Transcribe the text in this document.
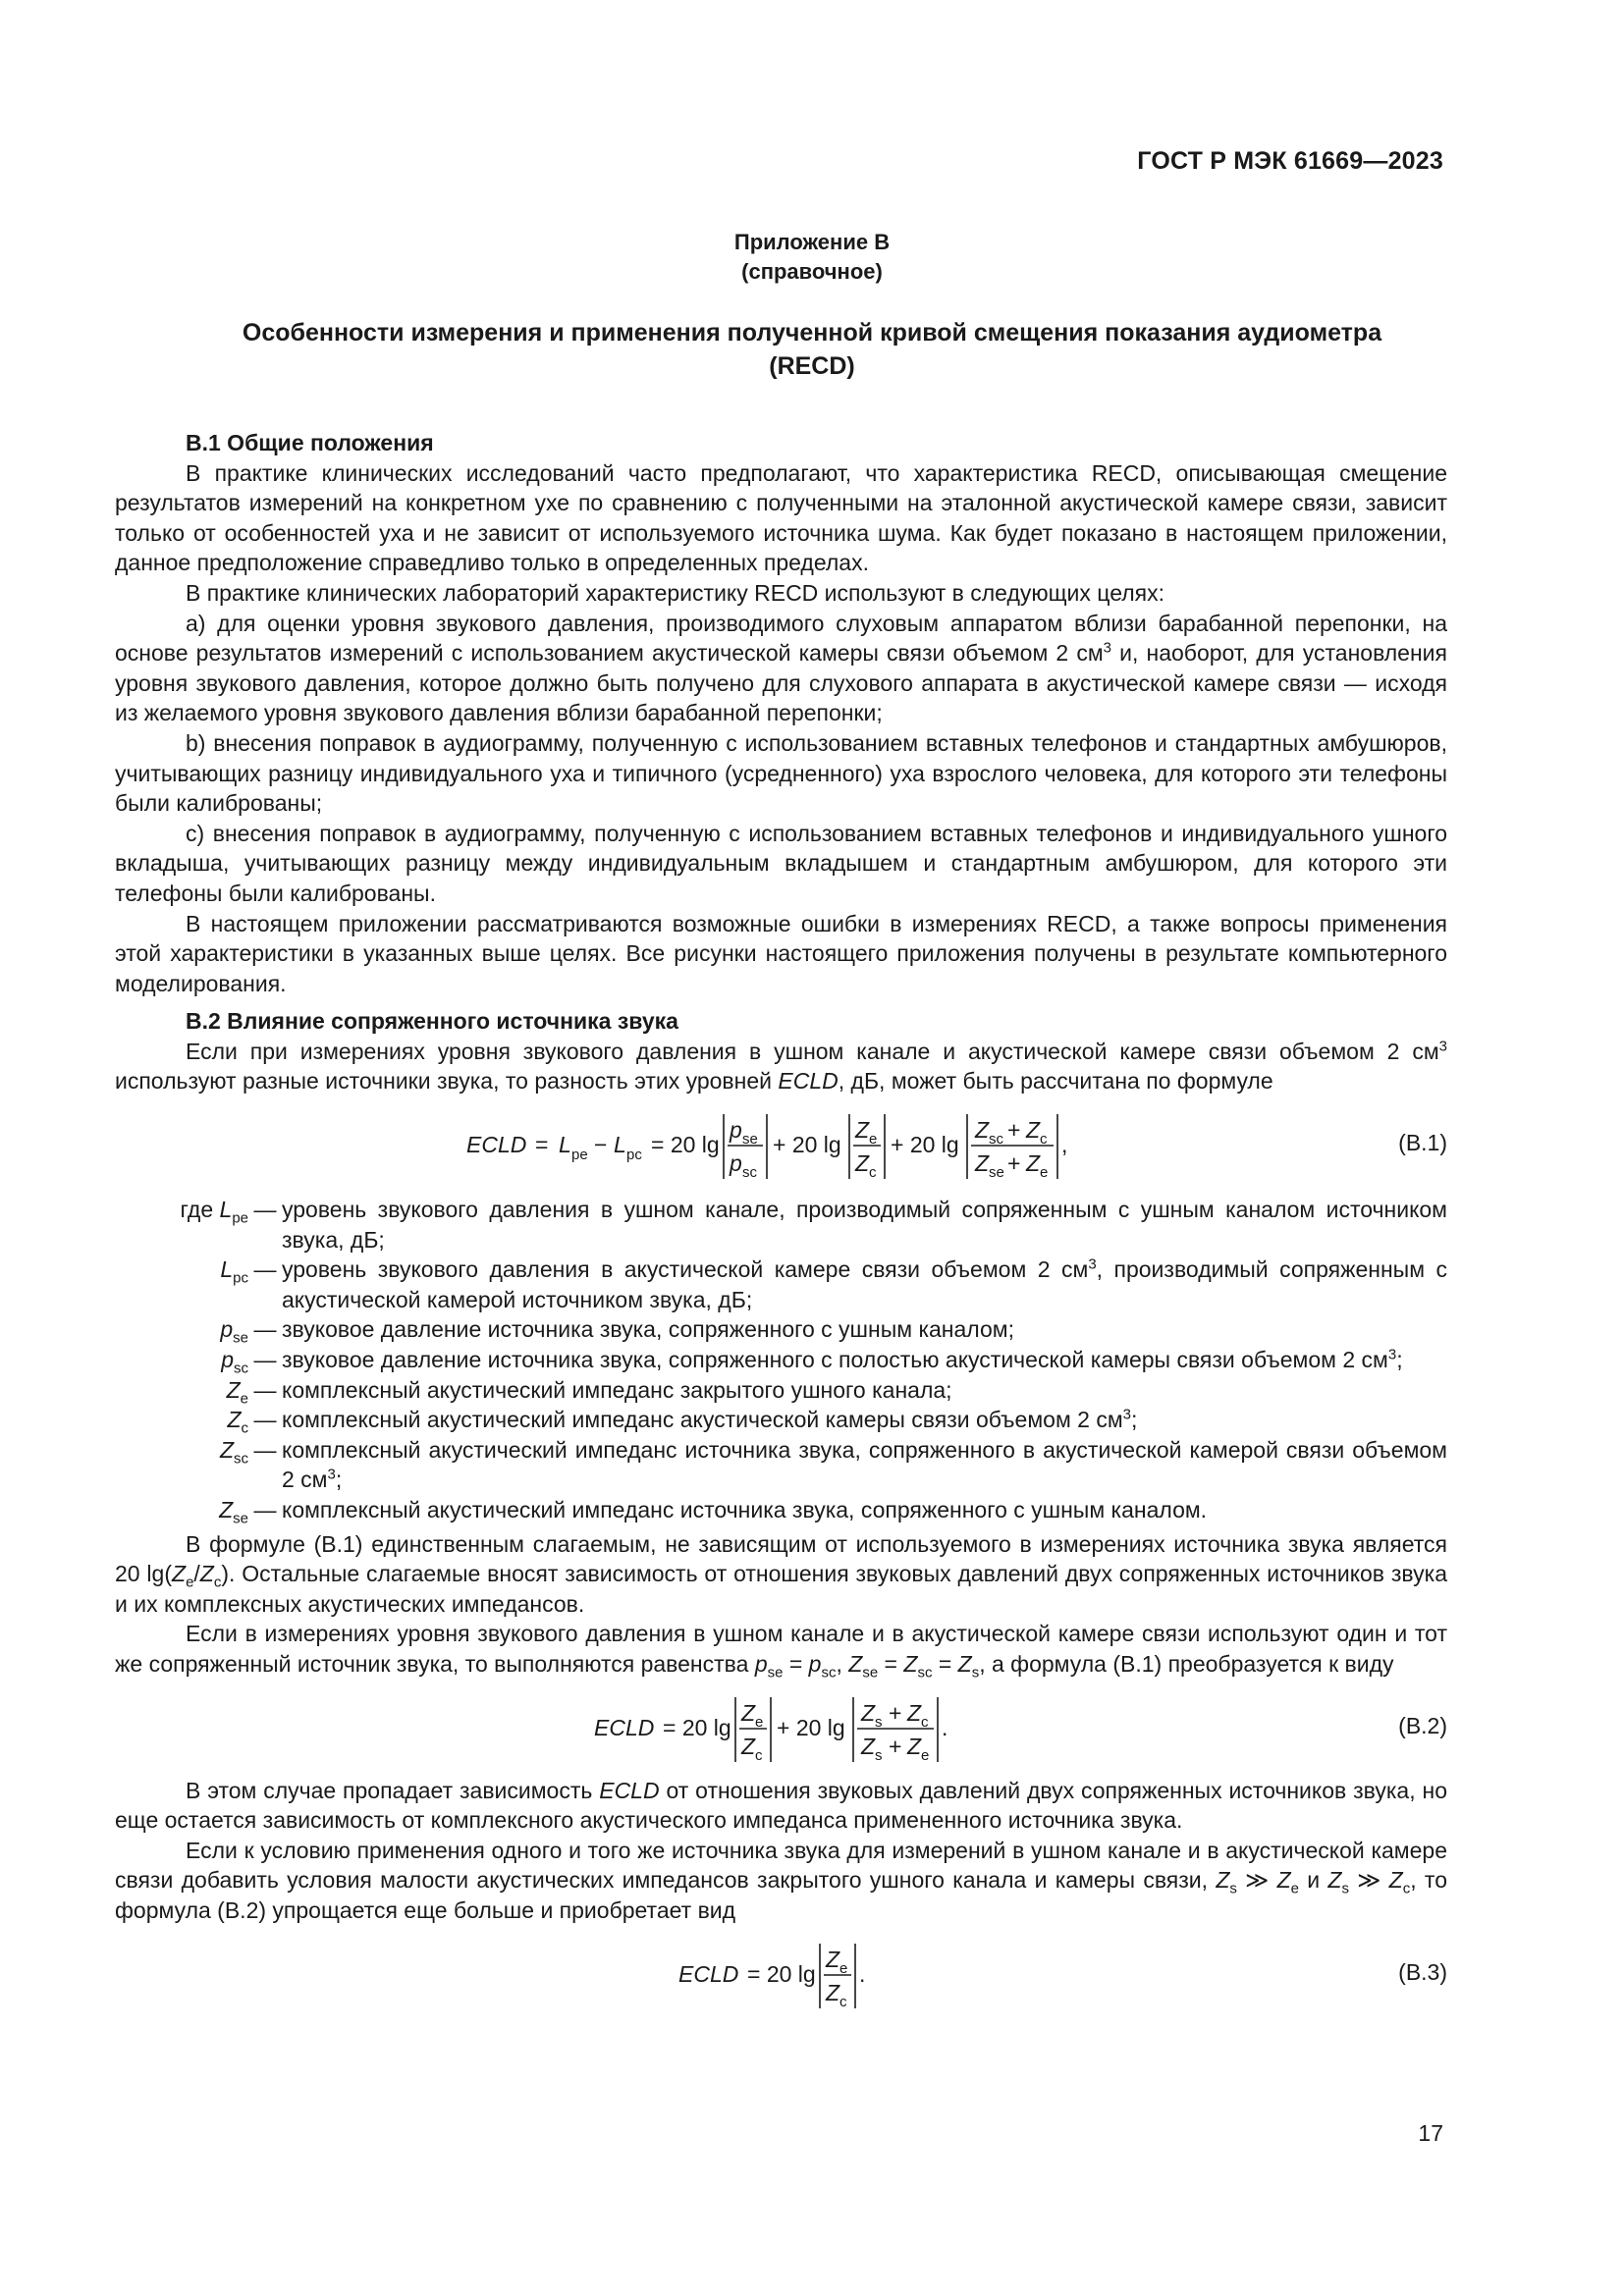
ГОСТ Р МЭК 61669—2023
Приложение В
(справочное)
Особенности измерения и применения полученной кривой смещения показания аудиометра
(RECD)
В.1 Общие положения

В практике клинических исследований часто предполагают, что характеристика RECD, описывающая смещение результатов измерений на конкретном ухе по сравнению с полученными на эталонной акустической камере связи, зависит только от особенностей уха и не зависит от используемого источника шума. Как будет показано в настоящем приложении, данное предположение справедливо только в определенных пределах.

В практике клинических лабораторий характеристику RECD используют в следующих целях:

а) для оценки уровня звукового давления, производимого слуховым аппаратом вблизи барабанной перепонки, на основе результатов измерений с использованием акустической камеры связи объемом 2 $см^3$ и, наоборот, для установления уровня звукового давления, которое должно быть получено для слухового аппарата в акустической камере связи — исходя из желаемого уровня звукового давления вблизи барабанной перепонки;

b) внесения поправок в аудиограмму, полученную с использованием вставных телефонов и стандартных амбушюров, учитывающих разницу индивидуального уха и типичного (усредненного) уха взрослого человека, для которого эти телефоны были калиброваны;

c) внесения поправок в аудиограмму, полученную с использованием вставных телефонов и индивидуального ушного вкладыша, учитывающих разницу между индивидуальным вкладышем и стандартным амбушюром, для которого эти телефоны были калиброваны.

В настоящем приложении рассматриваются возможные ошибки в измерениях RECD, а также вопросы применения этой характеристики в указанных выше целях. Все рисунки настоящего приложения получены в результате компьютерного моделирования.

В.2 Влияние сопряженного источника звука

Если при измерениях уровня звукового давления в ушном канале и акустической камере связи объемом 2 $см^3$ используют разные источники звука, то разность этих уровней ECLD, дБ, может быть рассчитана по формуле

ECLD = L pe − L pc = 20 lg
p se
p sc
+ 20 lg
Z e
Z c
+ 20 lg
Z sc + Z c
Z se + Z e
,	(В.1)
где $L_{pe}$ — уровень звукового давления в ушном канале, производимый сопряженным с ушным каналом источником звука, дБ;
$L_{pc}$ — уровень звукового давления в акустической камере связи объемом 2 $см^3$, производимый сопряженным с акустической камерой источником звука, дБ;
$p_{se}$ — звуковое давление источника звука, сопряженного с ушным каналом;
$p_{sc}$ — звуковое давление источника звука, сопряженного с полостью акустической камеры связи объемом 2 $см^3$;
$Z_e$ — комплексный акустический импеданс закрытого ушного канала;
$Z_c$ — комплексный акустический импеданс акустической камеры связи объемом 2 $см^3$;
$Z_{sc}$ — комплексный акустический импеданс источника звука, сопряженного в акустической камерой связи объемом 2 $см^3$;
$Z_{se}$ — комплексный акустический импеданс источника звука, сопряженного с ушным каналом.

В формуле (В.1) единственным слагаемым, не зависящим от используемого в измерениях источника звука является 20 $\lg(Z_e/Z_c)$. Остальные слагаемые вносят зависимость от отношения звуковых давлений двух сопряженных источников звука и их комплексных акустических импедансов.

Если в измерениях уровня звукового давления в ушном канале и в акустической камере связи используют один и тот же сопряженный источник звука, то выполняются равенства $p_{se} = p_{sc}$, $Z_{se} = Z_{sc} = Z_s$, а формула (В.1) преобразуется к виду

ECLD = 20 lg
Z e
Z c
+ 20 lg
Z s + Z c
Z s + Z e
.	(В.2)

В этом случае пропадает зависимость ECLD от отношения звуковых давлений двух сопряженных источников звука, но еще остается зависимость от комплексного акустического импеданса примененного источника звука.

Если к условию применения одного и того же источника звука для измерений в ушном канале и в акустической камере связи добавить условия малости акустических импедансов закрытого ушного канала и камеры связи, $Z_s$ ≫ $Z_e$ и $Z_s$ ≫ $Z_c$, то формула (В.2) упрощается еще больше и приобретает вид

ECLD = 20 lg
Z e
Z c
.	(В.3)
17
